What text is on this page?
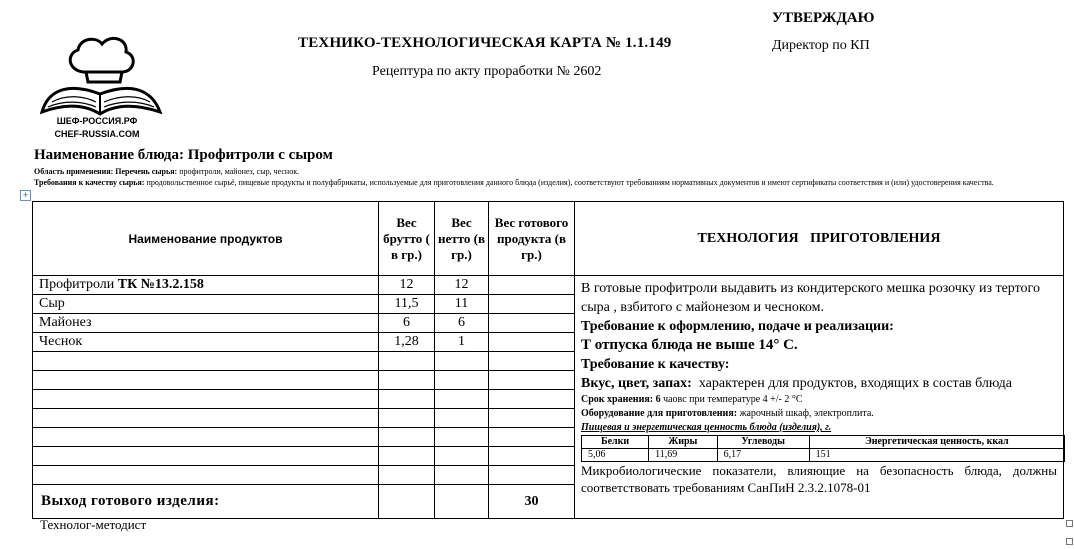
ШЕФ-РОССИЯ.РФ
CHEF-RUSSIA.COM
ТЕХНИКО-ТЕХНОЛОГИЧЕСКАЯ КАРТА № 1.1.149
Рецептура по акту проработки № 2602
УТВЕРЖДАЮ
Директор по КП
Наименование блюда: Профитроли с сыром
Область применения: Перечень сырья: профитроли, майонез, сыр, чеснок.
Требования к качеству сырья: продовольственное сырьё, пищевые продукты и полуфабрикаты, используемые для приготовления данного блюда (изделия), соответствуют требованиям нормативных документов и имеют сертификаты соответствия и (или) удостоверения качества.
+
Наименование продуктов	Вес брутто ( в гр.)	Вес нетто (в гр.)	Вес готового продукта (в гр.)	ТЕХНОЛОГИЯ ПРИГОТОВЛЕНИЯ
Профитроли ТК №13.2.158	12	12		В готовые профитроли выдавить из кондитерского мешка розочку из тертого сыра , взбитого с майонезом и чесноком.

Требование к оформлению, подаче и реализации:

Т отпуска блюда не выше 14° С.

Требование к качеству:

Вкус, цвет, запах: характерен для продуктов, входящих в состав блюда

Срок хранения: 6 чаовс при температуре 4 +/- 2 °С

Оборудование для приготовления: жарочный шкаф, электроплита.

Пищевая и энергетическая ценность блюда (изделия), г.

Белки	Жиры	Углеводы	Энергетическая ценность, ккал
5,06	11,69	6,17	151

Микробиологические показатели, влияющие на безопасность блюда, должны соответствовать требованиям СанПиН 2.3.2.1078-01

Сыр	11,5	11	
Майонез	6	6	
Чеснок	1,28	1	

Выход готового изделия:			30
Технолог-методист
